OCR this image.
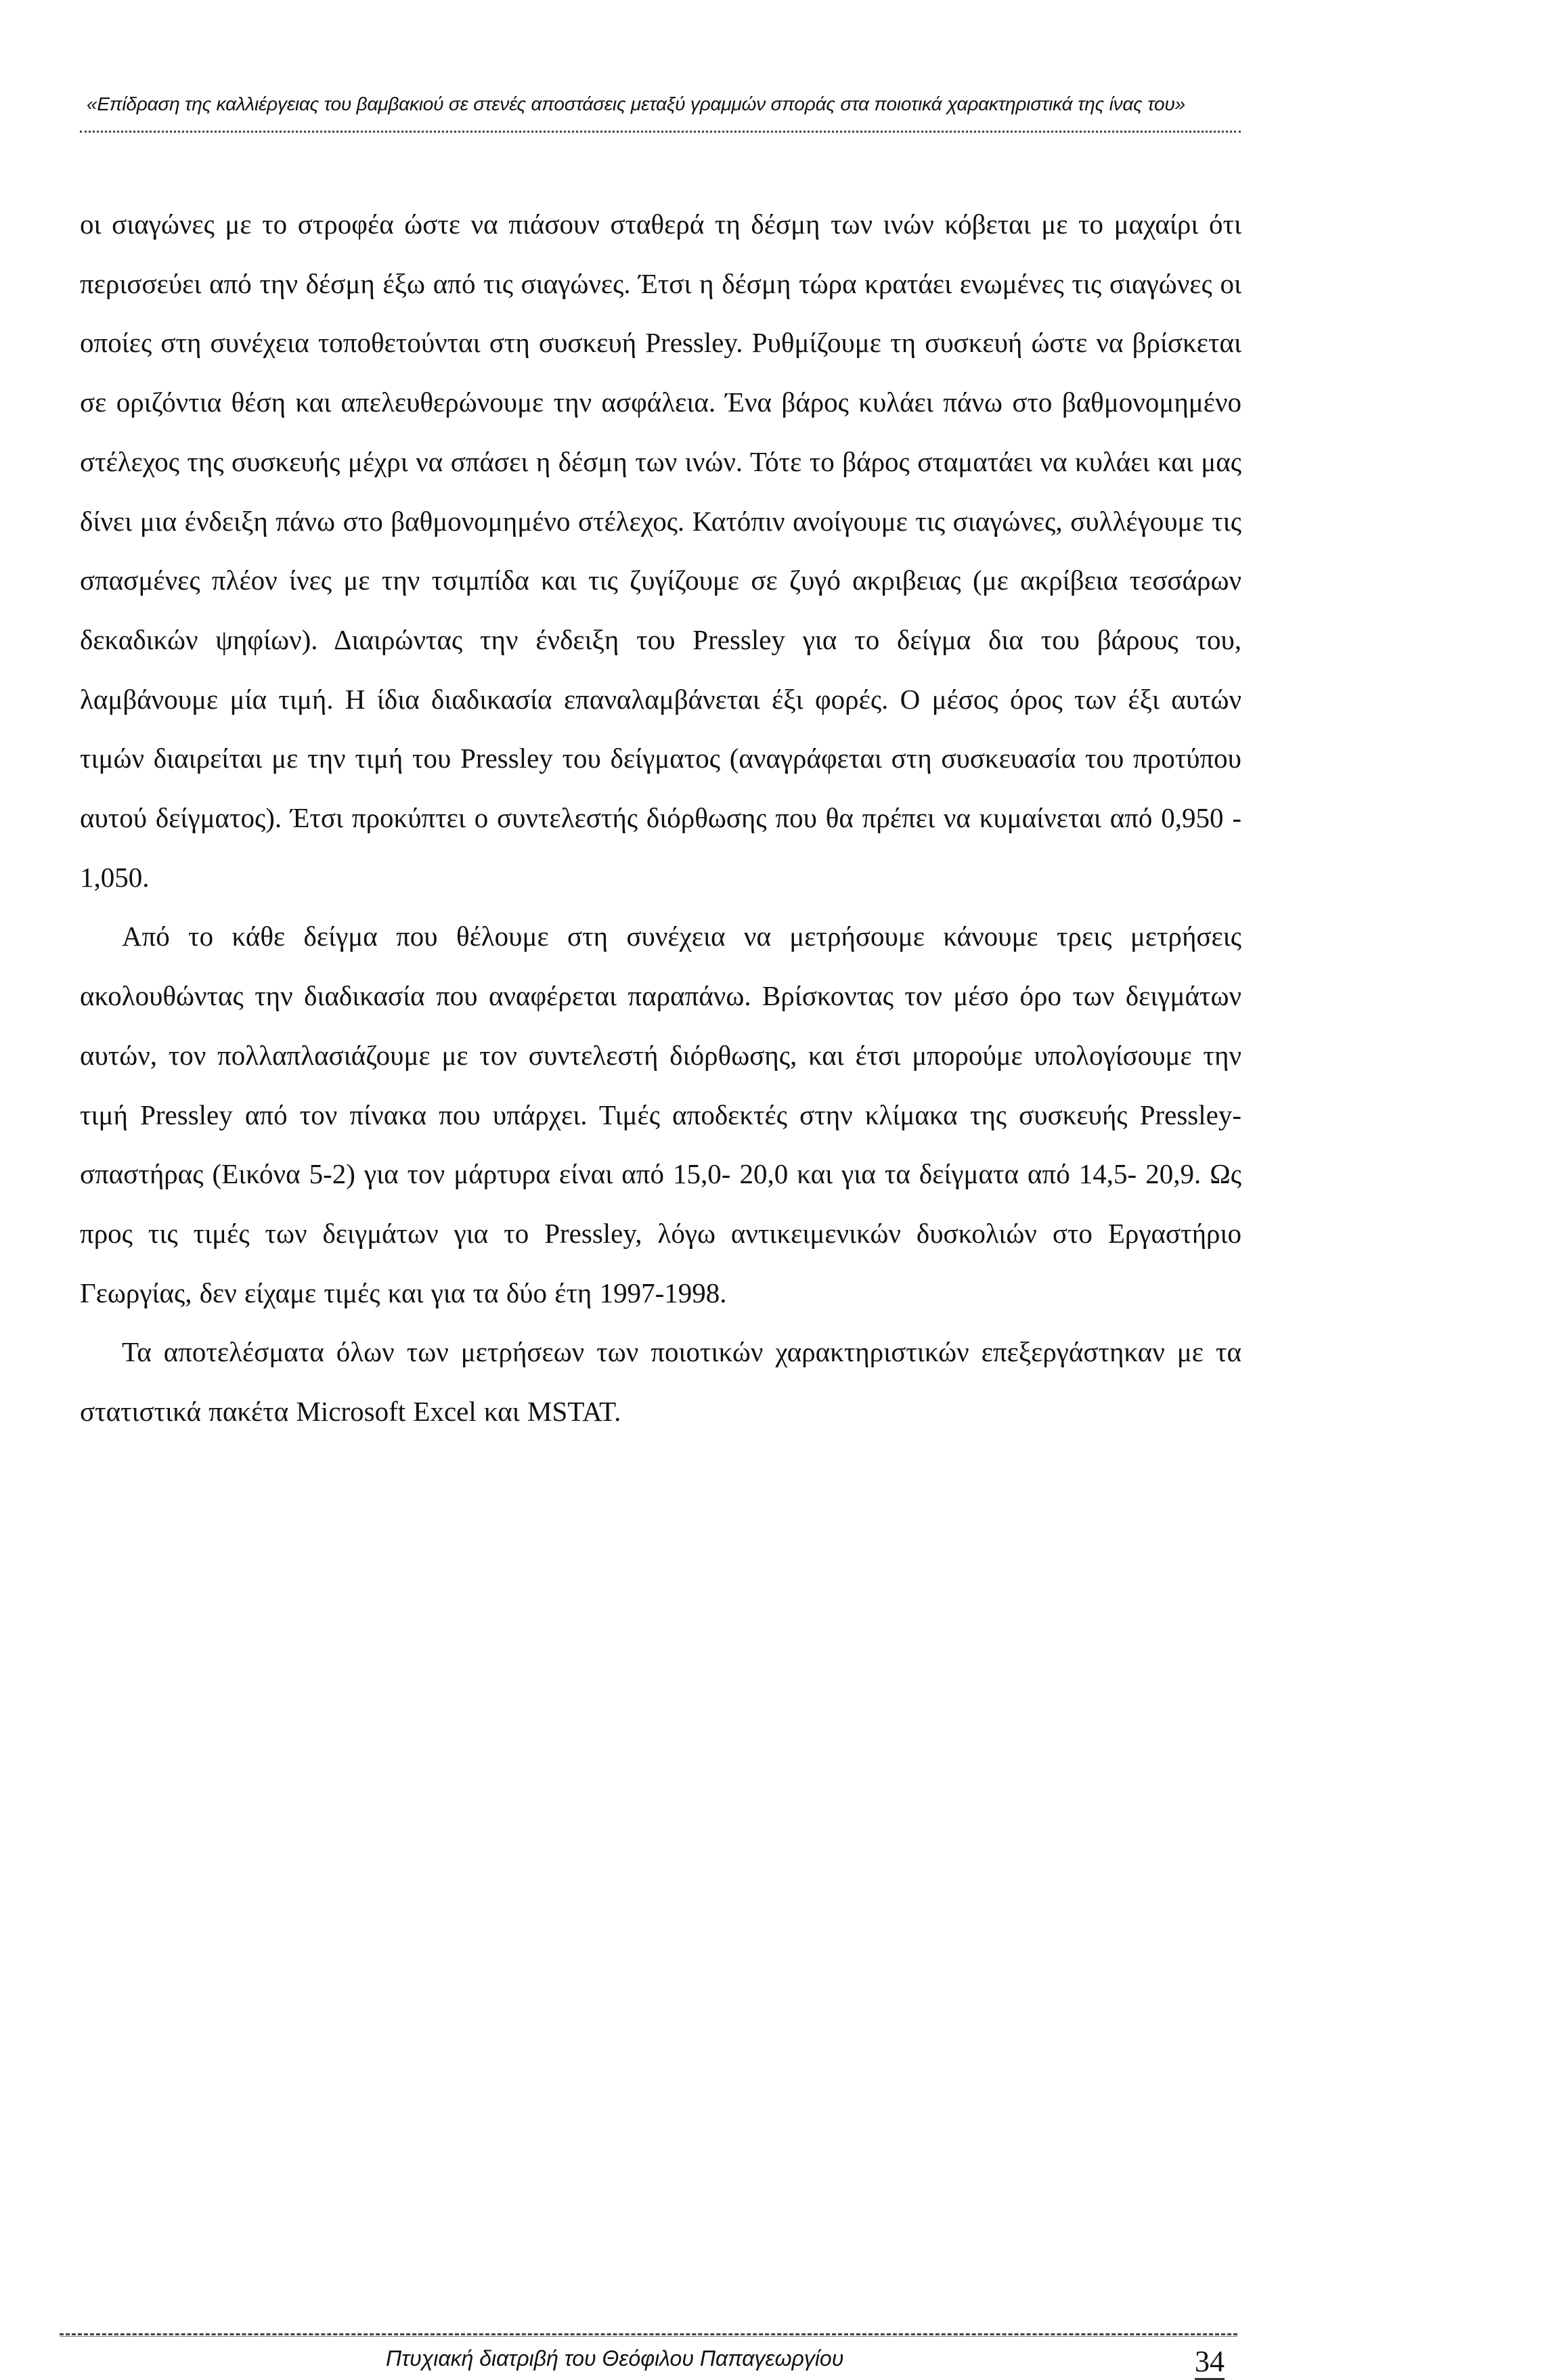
«Επίδραση της καλλιέργειας του βαμβακιού σε στενές αποστάσεις μεταξύ γραμμών σποράς στα ποιοτικά χαρακτηριστικά της ίνας του»

οι σιαγώνες με το στροφέα ώστε να πιάσουν σταθερά τη δέσμη των ινών κόβεται με το μαχαίρι ότι περισσεύει από την δέσμη έξω από τις σιαγώνες. Έτσι η δέσμη τώρα κρατάει ενωμένες τις σιαγώνες οι οποίες στη συνέχεια τοποθετούνται στη συσκευή Pressley. Ρυθμίζουμε τη συσκευή ώστε να βρίσκεται σε οριζόντια θέση και απελευθερώνουμε την ασφάλεια. Ένα βάρος κυλάει πάνω στο βαθμονομημένο στέλεχος της συσκευής μέχρι να σπάσει η δέσμη των ινών. Τότε το βάρος σταματάει να κυλάει και μας δίνει μια ένδειξη πάνω στο βαθμονομημένο στέλεχος. Κατόπιν ανοίγουμε τις σιαγώνες, συλλέγουμε τις σπασμένες πλέον ίνες με την τσιμπίδα και τις ζυγίζουμε σε ζυγό ακριβειας (με ακρίβεια τεσσάρων δεκαδικών ψηφίων). Διαιρώντας την ένδειξη του Pressley για το δείγμα δια του βάρους του, λαμβάνουμε μία τιμή. Η ίδια διαδικασία επαναλαμβάνεται έξι φορές. Ο μέσος όρος των έξι αυτών τιμών διαιρείται με την τιμή του Pressley του δείγματος (αναγράφεται στη συσκευασία του προτύπου αυτού δείγματος). Έτσι προκύπτει ο συντελεστής διόρθωσης που θα πρέπει να κυμαίνεται από 0,950 - 1,050.

Από το κάθε δείγμα που θέλουμε στη συνέχεια να μετρήσουμε κάνουμε τρεις μετρήσεις ακολουθώντας την διαδικασία που αναφέρεται παραπάνω. Βρίσκοντας τον μέσο όρο των δειγμάτων αυτών, τον πολλαπλασιάζουμε με τον συντελεστή διόρθωσης, και έτσι μπορούμε υπολογίσουμε την τιμή Pressley από τον πίνακα που υπάρχει. Τιμές αποδεκτές στην κλίμακα της συσκευής Pressley-σπαστήρας (Εικόνα 5-2) για τον μάρτυρα είναι από 15,0- 20,0 και για τα δείγματα από 14,5- 20,9. Ως προς τις τιμές των δειγμάτων για το Pressley, λόγω αντικειμενικών δυσκολιών στο Εργαστήριο Γεωργίας, δεν είχαμε τιμές και για τα δύο έτη 1997-1998.

Τα αποτελέσματα όλων των μετρήσεων των ποιοτικών χαρακτηριστικών επεξεργάστηκαν με τα στατιστικά πακέτα Microsoft Excel και MSTAT.

Πτυχιακή διατριβή του Θεόφιλου Παπαγεωργίου	34
